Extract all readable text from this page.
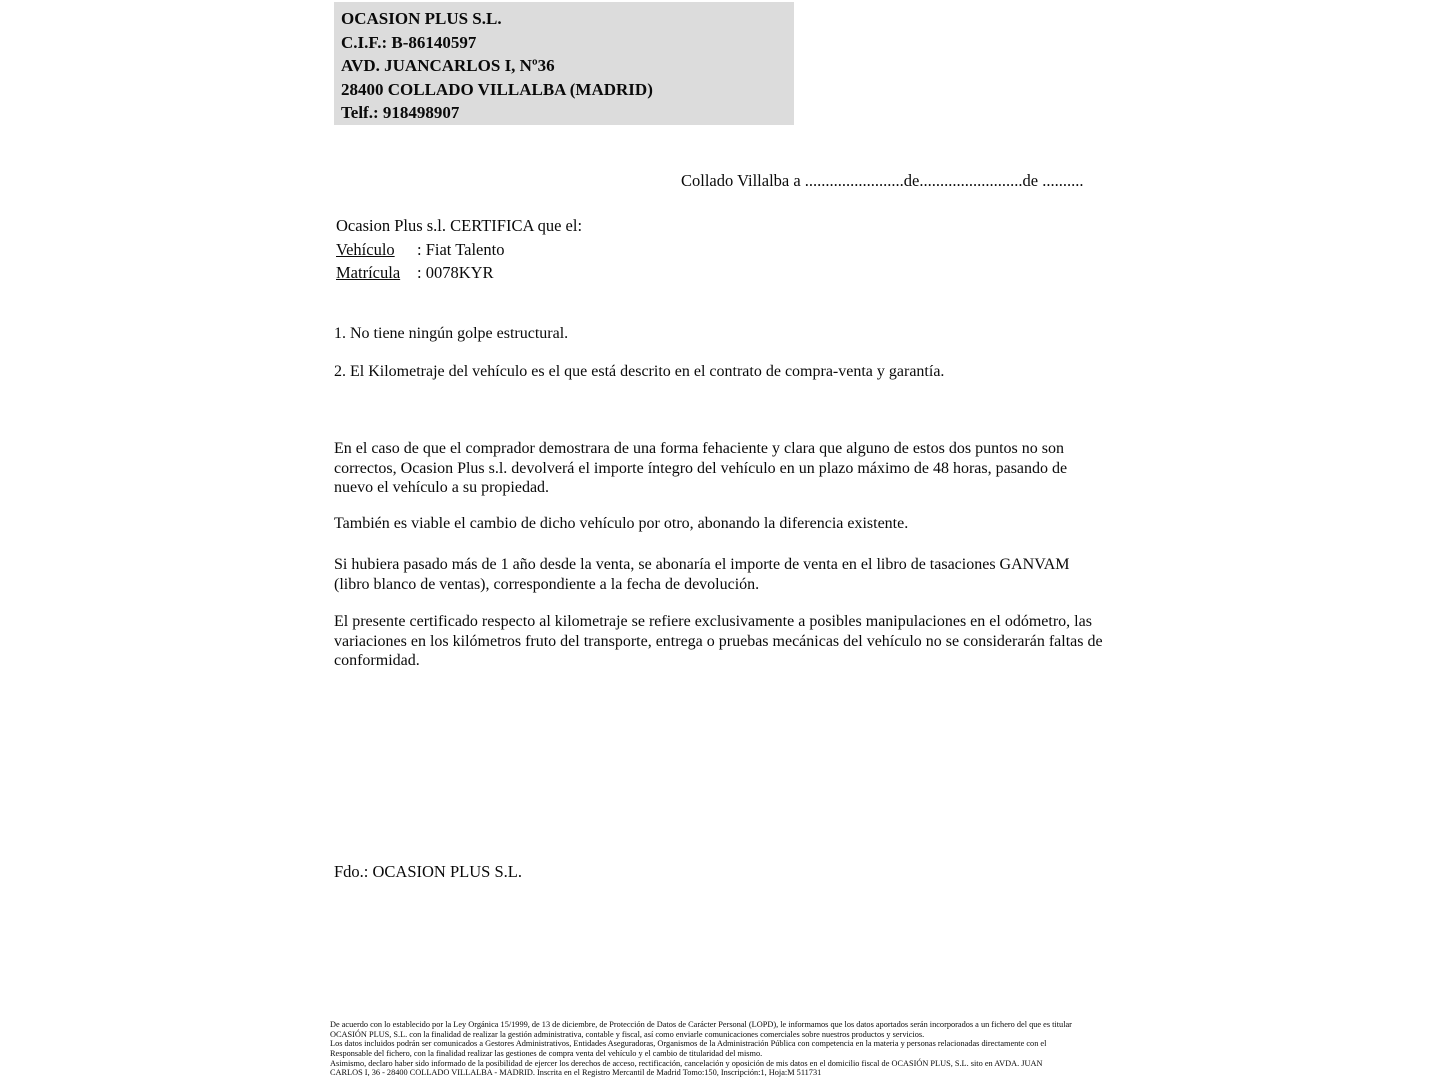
OCASION PLUS S.L.
C.I.F.: B-86140597
AVD. JUANCARLOS I, Nº36
28400 COLLADO VILLALBA (MADRID)
Telf.: 918498907
Collado Villalba a ........................de.........................de ..........
Ocasion Plus s.l. CERTIFICA que el:
Vehículo : Fiat Talento
Matrícula : 0078KYR
1. No tiene ningún golpe estructural.
2. El Kilometraje del vehículo es el que está descrito en el contrato de compra-venta y garantía.

En el caso de que el comprador demostrara de una forma fehaciente y clara que alguno de estos dos puntos no son correctos, Ocasion Plus s.l. devolverá el importe íntegro del vehículo en un plazo máximo de 48 horas, pasando de nuevo el vehículo a su propiedad.

También es viable el cambio de dicho vehículo por otro, abonando la diferencia existente.

Si hubiera pasado más de 1 año desde la venta, se abonaría el importe de venta en el libro de tasaciones GANVAM (libro blanco de ventas), correspondiente a la fecha de devolución.

El presente certificado respecto al kilometraje se refiere exclusivamente a posibles manipulaciones en el odómetro, las variaciones en los kilómetros fruto del transporte, entrega o pruebas mecánicas del vehículo no se considerarán faltas de conformidad.

Fdo.: OCASION PLUS S.L.
De acuerdo con lo establecido por la Ley Orgánica 15/1999, de 13 de diciembre, de Protección de Datos de Carácter Personal (LOPD), le informamos que los datos aportados serán incorporados a un fichero del que es titular
OCASIÓN PLUS, S.L. con la finalidad de realizar la gestión administrativa, contable y fiscal, así como enviarle comunicaciones comerciales sobre nuestros productos y servicios.
Los datos incluidos podrán ser comunicados a Gestores Administrativos, Entidades Aseguradoras, Organismos de la Administración Pública con competencia en la materia y personas relacionadas directamente con el
Responsable del fichero, con la finalidad realizar las gestiones de compra venta del vehículo y el cambio de titularidad del mismo.
Asimismo, declaro haber sido informado de la posibilidad de ejercer los derechos de acceso, rectificación, cancelación y oposición de mis datos en el domicilio fiscal de OCASIÓN PLUS, S.L. sito en AVDA. JUAN
CARLOS I, 36 - 28400 COLLADO VILLALBA - MADRID. Inscrita en el Registro Mercantil de Madrid Tomo:150, Inscripción:1, Hoja:M 511731
